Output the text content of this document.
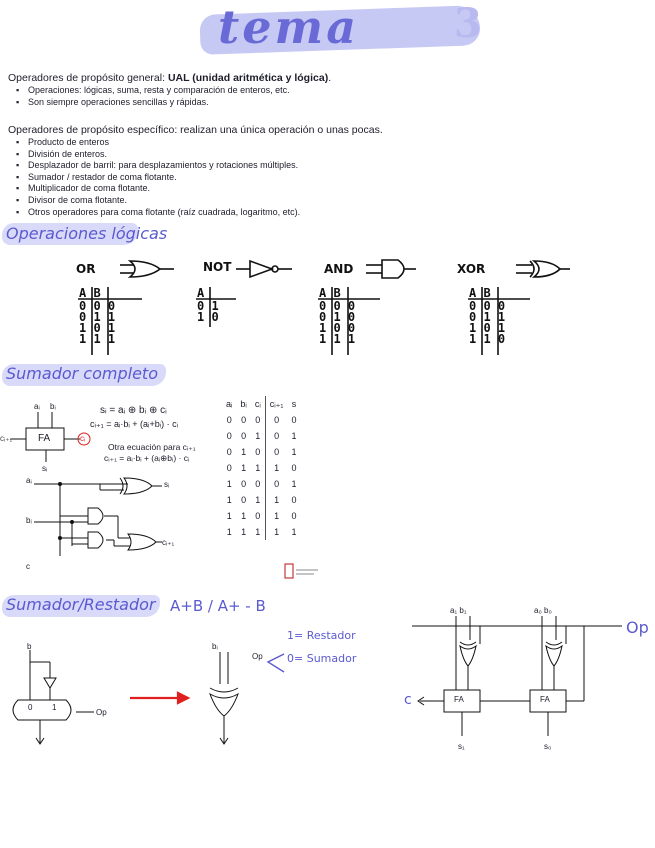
tema 3
Operadores de propósito general: UAL (unidad aritmética y lógica).
▪ Operaciones: lógicas, suma, resta y comparación de enteros, etc.
▪ Son siempre operaciones sencillas y rápidas.
Operadores de propósito específico: realizan una única operación o unas pocas.
▪ Producto de enteros
▪ División de enteros.
▪ Desplazador de barril: para desplazamientos y rotaciones múltiples.
▪ Sumador / restador de coma flotante.
▪ Multiplicador de coma flotante.
▪ Divisor de coma flotante.
▪ Otros operadores para coma flotante (raíz cuadrada, logaritmo, etc).
Operaciones lógicas
OR	NOT	AND	XOR
A B
0 0 0
0 1 1
1 0 1
1 1 1
A
0 1
1 0
A B
0 0 0
0 1 0
1 0 0
1 1 1
A B
0 0 0
0 1 1
1 0 1
1 1 0
Sumador completo
aᵢ bᵢ
FA
cᵢ₊₁	cᵢ
sᵢ
aᵢ
bᵢ
c
sᵢ
cᵢ₊₁
sᵢ = aᵢ ⊕ bᵢ ⊕ cᵢ
cᵢ₊₁ = aᵢ·bᵢ + (aᵢ+bᵢ) · cᵢ
Otra ecuación para cᵢ₊₁
cᵢ₊₁ = aᵢ·bᵢ + (aᵢ⊕bᵢ) · cᵢ
aᵢ	bᵢ	cᵢ	cᵢ₊₁	s
0	0	0	0	0
0	0	1	0	1
0	1	0	0	1
0	1	1	1	0
1	0	0	0	1
1	0	1	1	0
1	1	0	1	0
1	1	1	1	1
Sumador/Restador A+B / A+ - B
b
0 1
Op
bᵢ
Op
1= Restador
0= Sumador
a₁ b₁	a₀ b₀
Op
c	FA	FA
s₁	s₀
